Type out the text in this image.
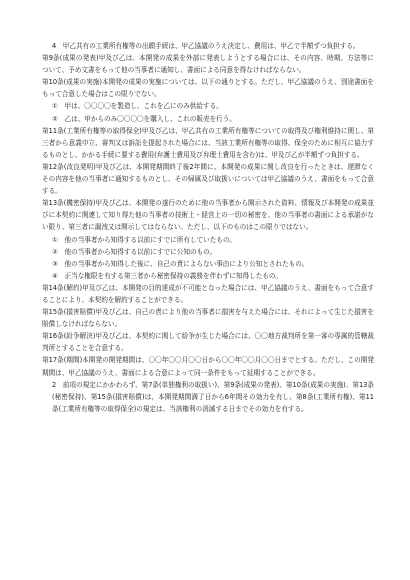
4　甲乙共有の工業所有権等の出願手続は、甲乙協議のうえ決定し、費用は、甲乙で半額ずつ負担する。

第9条(成果の発表)甲及び乙は、本開発の成果を外部に発表しようとする場合には、その内容、時期、方法等について、予め文書をもって他の当事者に通知し、書面による同意を得なければならない。

第10条(成果の実施)本開発の成果の実施については、以下の通りとする。ただし、甲乙協議のうえ、別途書面をもって合意した場合はこの限りでない。

①　甲は、〇〇〇〇を製造し、これを乙にのみ供給する。

②　乙は、甲からのみ〇〇〇〇を購入し、これの販売を行う。

第11条(工業所有権等の取得保全)甲及び乙は、甲乙共有の工業所有権等についての取得及び権利維持に関し、第三者から意義申立、審判又は訴訟を提起された場合には、当該工業所有権等の取得、保全のために相互に協力するものとし、かかる手続に要する費用(弁護士費用及び弁理士費用を含む)は、甲及び乙が半額ずつ負担する。

第12条(改良発明)甲及び乙は、本開発期間終了後2年間に、本開発の成果に関し改良を行ったときは、遅滞なくその内容を他の当事者に通知するものとし、その帰属及び取扱いについては甲乙協議のうえ、書面をもって合意する。

第13条(機密保持)甲及び乙は、本開発の遂行のために他の当事者から開示された資料、情報及び本開発の成果並びに本契約に関連して知り得た他の当事者の技術上・経営上の一切の秘密を、他の当事者の書面による承諾がない限り、第三者に漏洩又は開示してはならない。ただし、以下のものはこの限りではない。

①　他の当事者から知得する以前にすでに所有していたもの。

②　他の当事者から知得する以前にすでに公知のもの。

③　他の当事者から知得した後に、自己の責によらない事由により公知とされたもの。

④　正当な権限を有する第三者から秘密保持の義務を伴わずに知得したもの。

第14条(解約)甲及び乙は、本開発の目的達成が不可能となった場合には、甲乙協議のうえ、書面をもって合意することにより、本契約を解約することができる。

第15条(損害賠償)甲及び乙は、自己の責により他の当事者に損害を与えた場合には、それによって生じた損害を賠償しなければならない。

第16条(紛争解決)甲及び乙は、本契約に関して紛争が生じた場合には、〇〇地方裁判所を第一審の専属的管轄裁判所とすることを合意する。

第17条(期間)本開発の開発期間は、〇〇年〇〇月〇〇日から〇〇年〇〇月〇〇日までとする。ただし、この開発期間は、甲乙協議のうえ、書面による合意によって同一条件をもって延期することができる。

2　前項の規定にかかわらず、第7条(単独権利の取扱い)、第9条(成果の発表)、第10条(成果の実施)、第13条(秘密保持)、第15条(損害賠償)は、本開発期間満了日から6年間その効力を有し、第8条(工業所有権)、第11条(工業所有権等の取得保全)の規定は、当該権利の消滅する日までその効力を有する。
